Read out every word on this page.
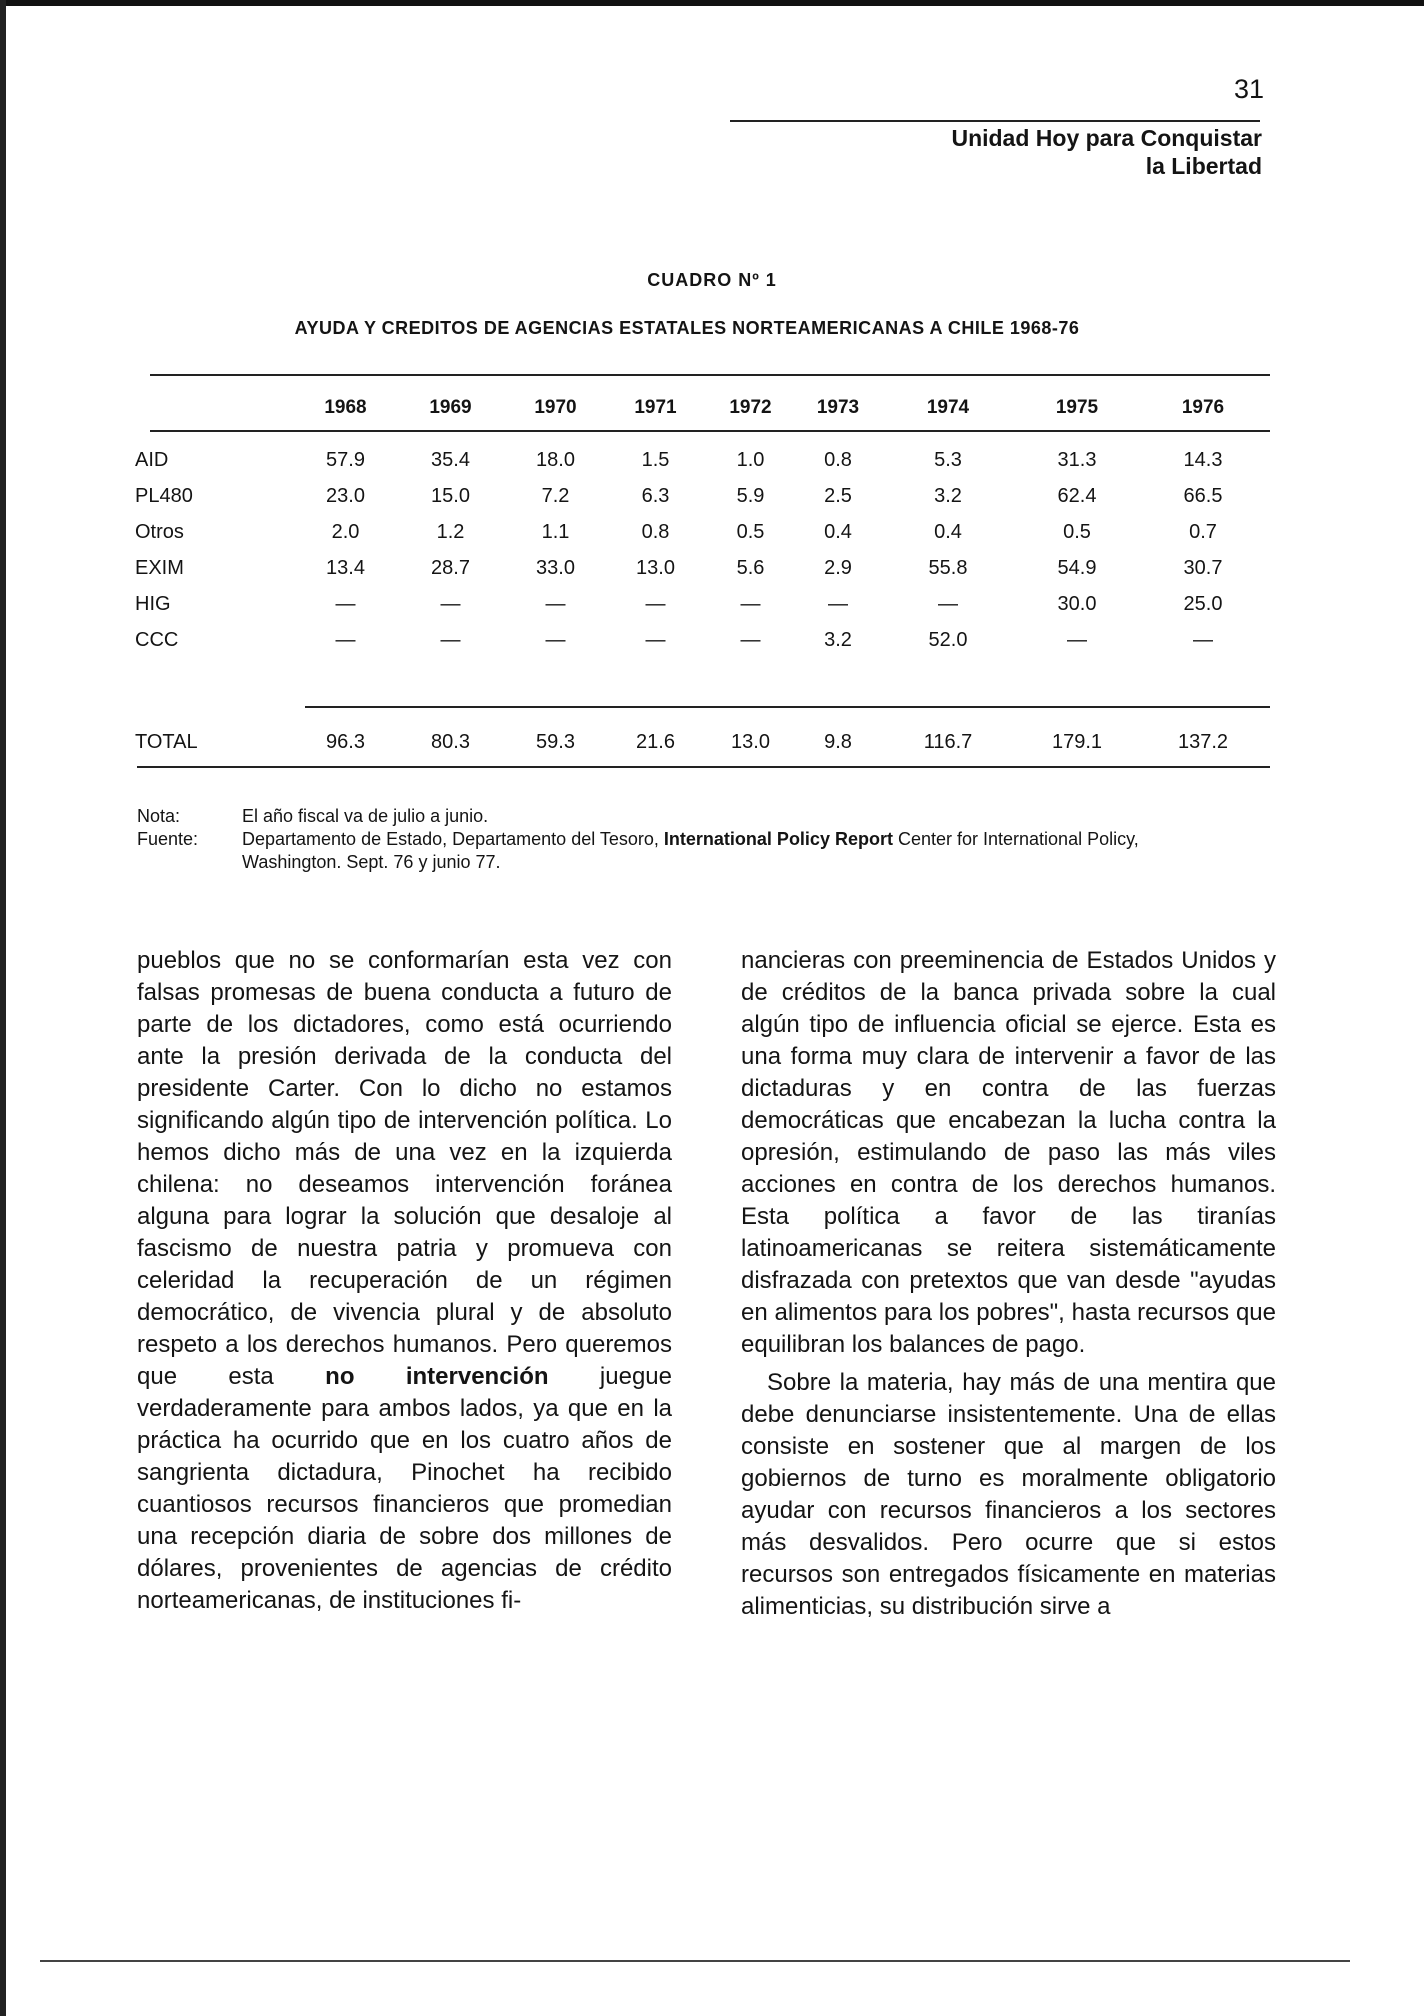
31
Unidad Hoy para Conquistar
la Libertad
CUADRO Nº 1
AYUDA Y CREDITOS DE AGENCIAS ESTATALES NORTEAMERICANAS A CHILE 1968-76
	1968	1969	1970	1971	1972	1973	1974	1975	1976

AID	57.9	35.4	18.0	1.5	1.0	0.8	5.3	31.3	14.3
PL480	23.0	15.0	7.2	6.3	5.9	2.5	3.2	62.4	66.5
Otros	2.0	1.2	1.1	0.8	0.5	0.4	0.4	0.5	0.7
EXIM	13.4	28.7	33.0	13.0	5.6	2.9	55.8	54.9	30.7
HIG	—	—	—	—	—	—	—	30.0	25.0
CCC	—	—	—	—	—	3.2	52.0	—	—

TOTAL	96.3	80.3	59.3	21.6	13.0	9.8	116.7	179.1	137.2
Nota:	El año fiscal va de julio a junio.
Fuente: Departamento de Estado, Departamento del Tesoro, International Policy Report Center for International Policy, Washington. Sept. 76 y junio 77.

pueblos que no se conformarían esta vez con falsas promesas de buena conducta a futuro de parte de los dictadores, como está ocurriendo ante la presión derivada de la conducta del presidente Carter. Con lo dicho no estamos significando algún tipo de intervención política. Lo hemos dicho más de una vez en la izquierda chilena: no deseamos intervención foránea alguna para lograr la solución que desaloje al fascismo de nuestra patria y promueva con celeridad la recuperación de un régimen democrático, de vivencia plural y de absoluto respeto a los derechos humanos. Pero queremos que esta no intervención juegue verdaderamente para ambos lados, ya que en la práctica ha ocurrido que en los cuatro años de sangrienta dictadura, Pinochet ha recibido cuantiosos recursos financieros que promedian una recepción diaria de sobre dos millones de dólares, provenientes de agencias de crédito norteamericanas, de instituciones fi-

nancieras con preeminencia de Estados Unidos y de créditos de la banca privada sobre la cual algún tipo de influencia oficial se ejerce. Esta es una forma muy clara de intervenir a favor de las dictaduras y en contra de las fuerzas democráticas que encabezan la lucha contra la opresión, estimulando de paso las más viles acciones en contra de los derechos humanos. Esta política a favor de las tiranías latinoamericanas se reitera sistemáticamente disfrazada con pretextos que van desde "ayudas en alimentos para los pobres", hasta recursos que equilibran los balances de pago.

Sobre la materia, hay más de una mentira que debe denunciarse insistentemente. Una de ellas consiste en sostener que al margen de los gobiernos de turno es moralmente obligatorio ayudar con recursos financieros a los sectores más desvalidos. Pero ocurre que si estos recursos son entregados físicamente en materias alimenticias, su distribución sirve a
